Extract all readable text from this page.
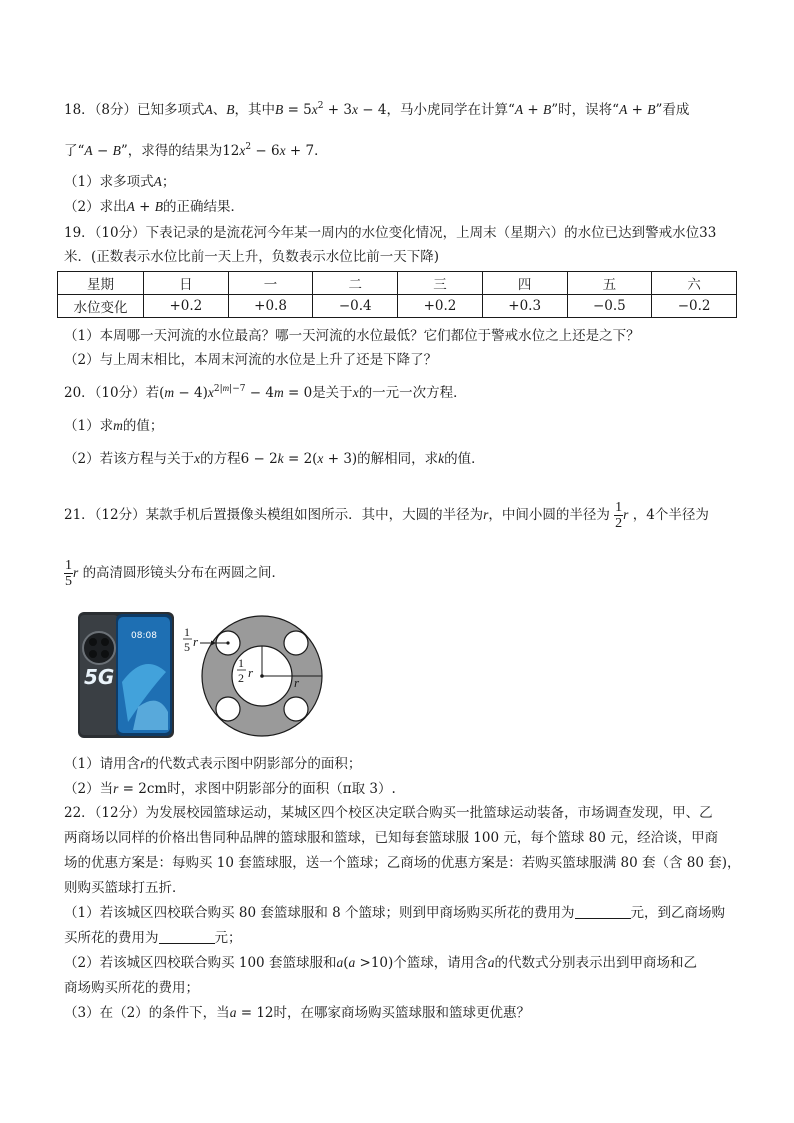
18．（8分）已知多项式A、B，其中$B = 5x^2 + 3x - 4$，马小虎同学在计算“A + B”时，误将“A + B”看成
了“A − B”，求得的结果为$12x^2 - 6x + 7$．
（1）求多项式A；
（2）求出A + B的正确结果．
19．（10分）下表记录的是流花河今年某一周内的水位变化情况，上周末（星期六）的水位已达到警戒水位33
米．(正数表示水位比前一天上升，负数表示水位比前一天下降)
星期	日	一	二	三	四	五	六
水位变化	+0.2	+0.8	−0.4	+0.2	+0.3	−0.5	−0.2
（1）本周哪一天河流的水位最高？哪一天河流的水位最低？它们都位于警戒水位之上还是之下？
（2）与上周末相比，本周末河流的水位是上升了还是下降了？
20．（10分）若$(m - 4)x^{2|m|-7} - 4m = 0$是关于x的一元一次方程．
（1）求m的值；
（2）若该方程与关于x的方程6 − 2k = 2(x + 3)的解相同，求k的值．
21．（12分）某款手机后置摄像头模组如图所示．其中，大圆的半径为r，中间小圆的半径为 $\frac{1}{2}$ r ，4个半径为
$\frac{1}{5}$ r 的高清圆形镜头分布在两圆之间．
08:08
5G
1
5 r
1
2 r
r
（1）请用含r的代数式表示图中阴影部分的面积；
（2）当r = 2cm时，求图中阴影部分的面积（π取 3）.
22．（12分）为发展校园篮球运动，某城区四个校区决定联合购买一批篮球运动装备，市场调查发现，甲、乙
两商场以同样的价格出售同种品牌的篮球服和篮球，已知每套篮球服 100 元，每个篮球 80 元，经洽谈，甲商
场的优惠方案是：每购买 10 套篮球服，送一个篮球；乙商场的优惠方案是：若购买篮球服满 80 套（含 80 套)，
则购买篮球打五折．
（1）若该城区四校联合购买 80 套篮球服和 8 个篮球；则到甲商场购买所花的费用为	元，到乙商场购
买所花的费用为	元；
（2）若该城区四校联合购买 100 套篮球服和a(a >10)个篮球，请用含a的代数式分别表示出到甲商场和乙
商场购买所花的费用；
（3）在（2）的条件下，当a = 12时，在哪家商场购买篮球服和篮球更优惠？
